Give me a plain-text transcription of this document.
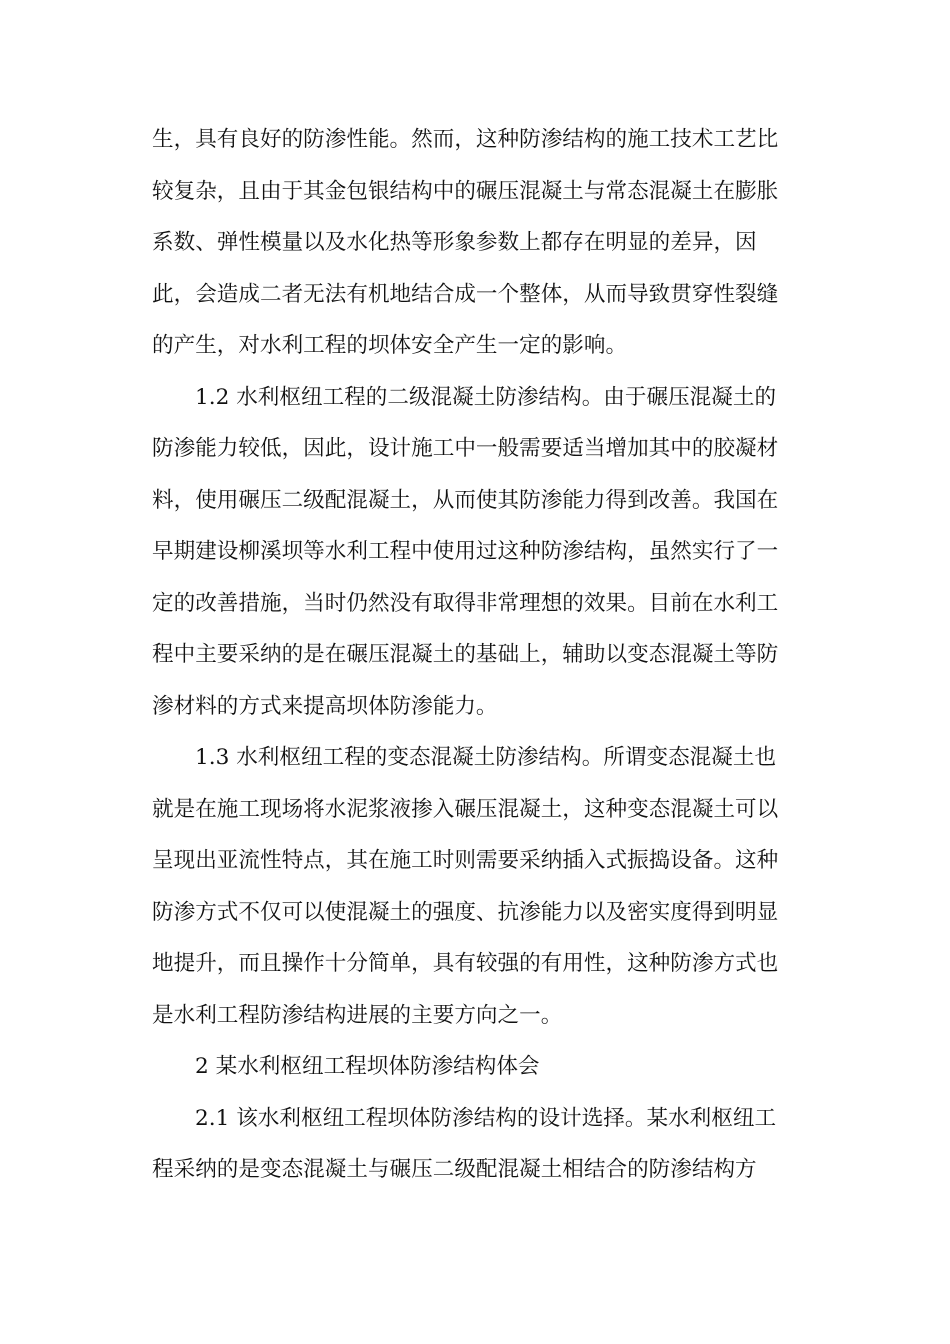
生，具有良好的防渗性能。然而，这种防渗结构的施工技术工艺比
较复杂，且由于其金包银结构中的碾压混凝土与常态混凝土在膨胀
系数、弹性模量以及水化热等形象参数上都存在明显的差异，因
此，会造成二者无法有机地结合成一个整体，从而导致贯穿性裂缝
的产生，对水利工程的坝体安全产生一定的影响。
1.2 水利枢纽工程的二级混凝土防渗结构。由于碾压混凝土的
防渗能力较低，因此，设计施工中一般需要适当增加其中的胶凝材
料，使用碾压二级配混凝土，从而使其防渗能力得到改善。我国在
早期建设柳溪坝等水利工程中使用过这种防渗结构，虽然实行了一
定的改善措施，当时仍然没有取得非常理想的效果。目前在水利工
程中主要采纳的是在碾压混凝土的基础上，辅助以变态混凝土等防
渗材料的方式来提高坝体防渗能力。
1.3 水利枢纽工程的变态混凝土防渗结构。所谓变态混凝土也
就是在施工现场将水泥浆液掺入碾压混凝土，这种变态混凝土可以
呈现出亚流性特点，其在施工时则需要采纳插入式振捣设备。这种
防渗方式不仅可以使混凝土的强度、抗渗能力以及密实度得到明显
地提升，而且操作十分简单，具有较强的有用性，这种防渗方式也
是水利工程防渗结构进展的主要方向之一。
2 某水利枢纽工程坝体防渗结构体会
2.1 该水利枢纽工程坝体防渗结构的设计选择。某水利枢纽工
程采纳的是变态混凝土与碾压二级配混凝土相结合的防渗结构方
